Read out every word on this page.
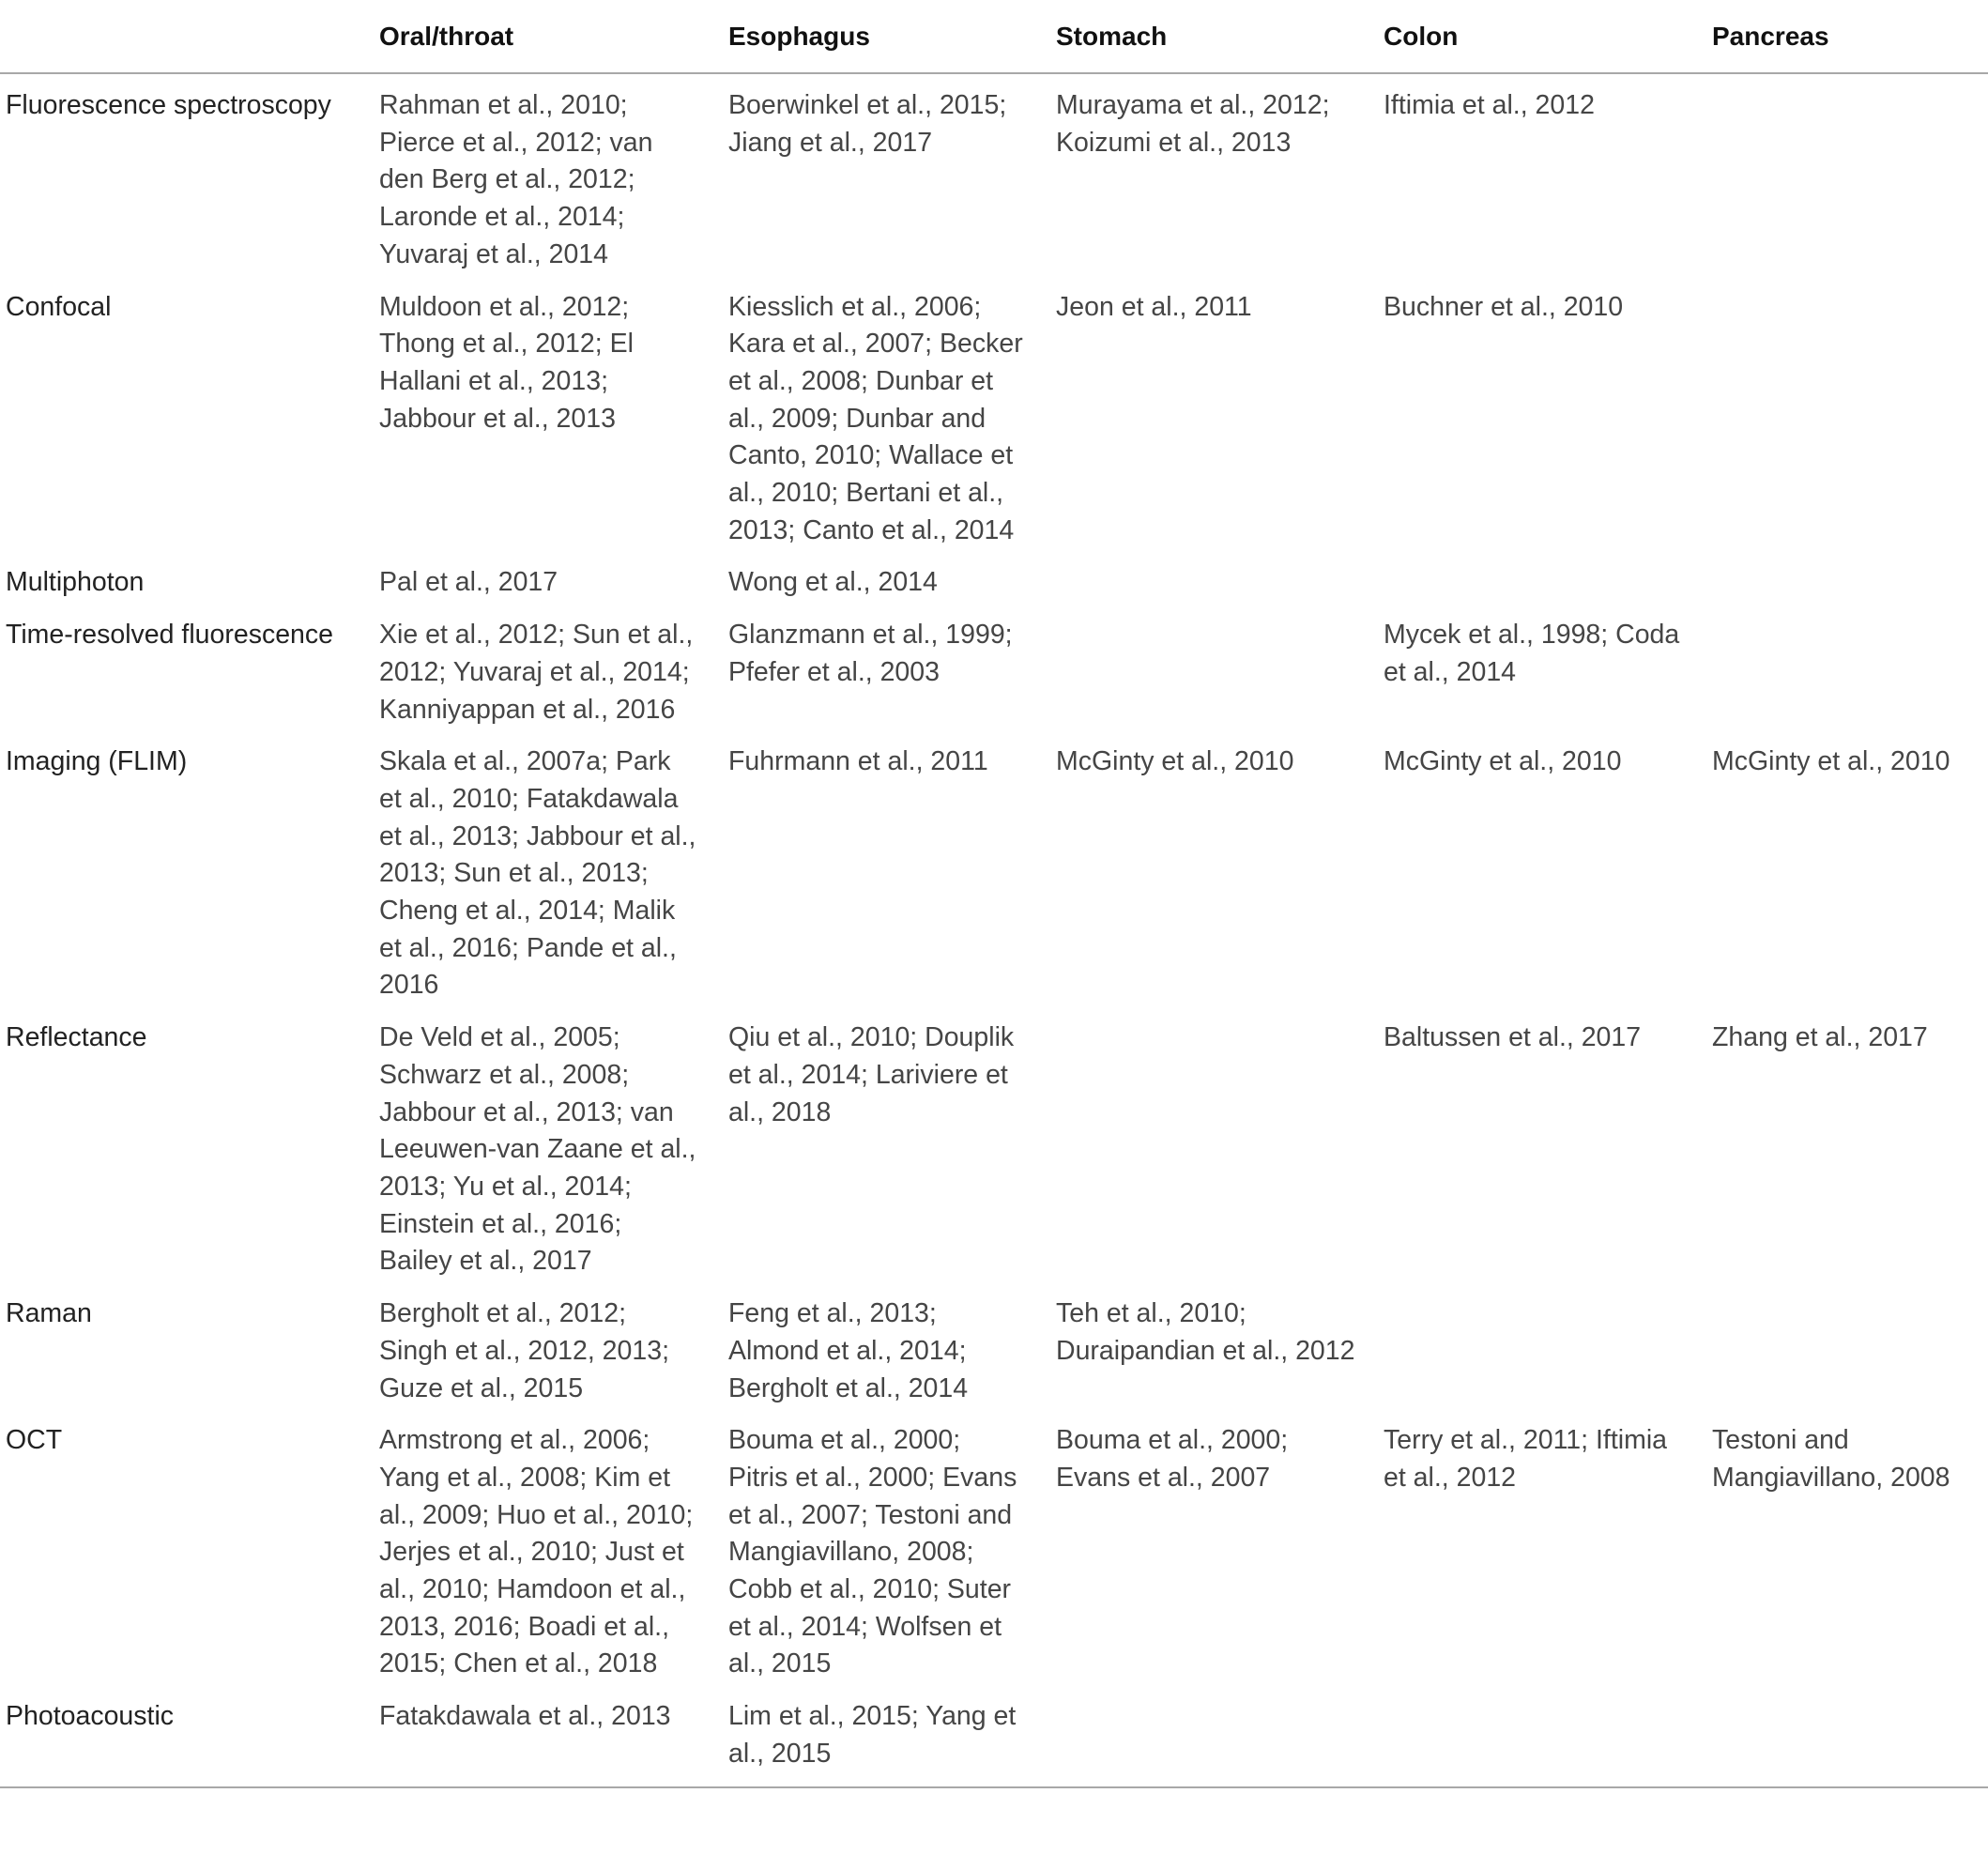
	Oral/throat	Esophagus	Stomach	Colon	Pancreas
Fluorescence spectroscopy	Rahman et al., 2010; Pierce et al., 2012; van den Berg et al., 2012; Laronde et al., 2014; Yuvaraj et al., 2014	Boerwinkel et al., 2015; Jiang et al., 2017	Murayama et al., 2012; Koizumi et al., 2013	Iftimia et al., 2012	
Confocal	Muldoon et al., 2012; Thong et al., 2012; El Hallani et al., 2013; Jabbour et al., 2013	Kiesslich et al., 2006; Kara et al., 2007; Becker et al., 2008; Dunbar et al., 2009; Dunbar and Canto, 2010; Wallace et al., 2010; Bertani et al., 2013; Canto et al., 2014	Jeon et al., 2011	Buchner et al., 2010	
Multiphoton	Pal et al., 2017	Wong et al., 2014			
Time-resolved fluorescence	Xie et al., 2012; Sun et al., 2012; Yuvaraj et al., 2014; Kanniyappan et al., 2016	Glanzmann et al., 1999; Pfefer et al., 2003		Mycek et al., 1998; Coda et al., 2014	
Imaging (FLIM)	Skala et al., 2007a; Park et al., 2010; Fatakdawala et al., 2013; Jabbour et al., 2013; Sun et al., 2013; Cheng et al., 2014; Malik et al., 2016; Pande et al., 2016	Fuhrmann et al., 2011	McGinty et al., 2010	McGinty et al., 2010	McGinty et al., 2010
Reflectance	De Veld et al., 2005; Schwarz et al., 2008; Jabbour et al., 2013; van Leeuwen-van Zaane et al., 2013; Yu et al., 2014; Einstein et al., 2016; Bailey et al., 2017	Qiu et al., 2010; Douplik et al., 2014; Lariviere et al., 2018		Baltussen et al., 2017	Zhang et al., 2017
Raman	Bergholt et al., 2012; Singh et al., 2012, 2013; Guze et al., 2015	Feng et al., 2013; Almond et al., 2014; Bergholt et al., 2014	Teh et al., 2010; Duraipandian et al., 2012		
OCT	Armstrong et al., 2006; Yang et al., 2008; Kim et al., 2009; Huo et al., 2010; Jerjes et al., 2010; Just et al., 2010; Hamdoon et al., 2013, 2016; Boadi et al., 2015; Chen et al., 2018	Bouma et al., 2000; Pitris et al., 2000; Evans et al., 2007; Testoni and Mangiavillano, 2008; Cobb et al., 2010; Suter et al., 2014; Wolfsen et al., 2015	Bouma et al., 2000; Evans et al., 2007	Terry et al., 2011; Iftimia et al., 2012	Testoni and Mangiavillano, 2008
Photoacoustic	Fatakdawala et al., 2013	Lim et al., 2015; Yang et al., 2015			
